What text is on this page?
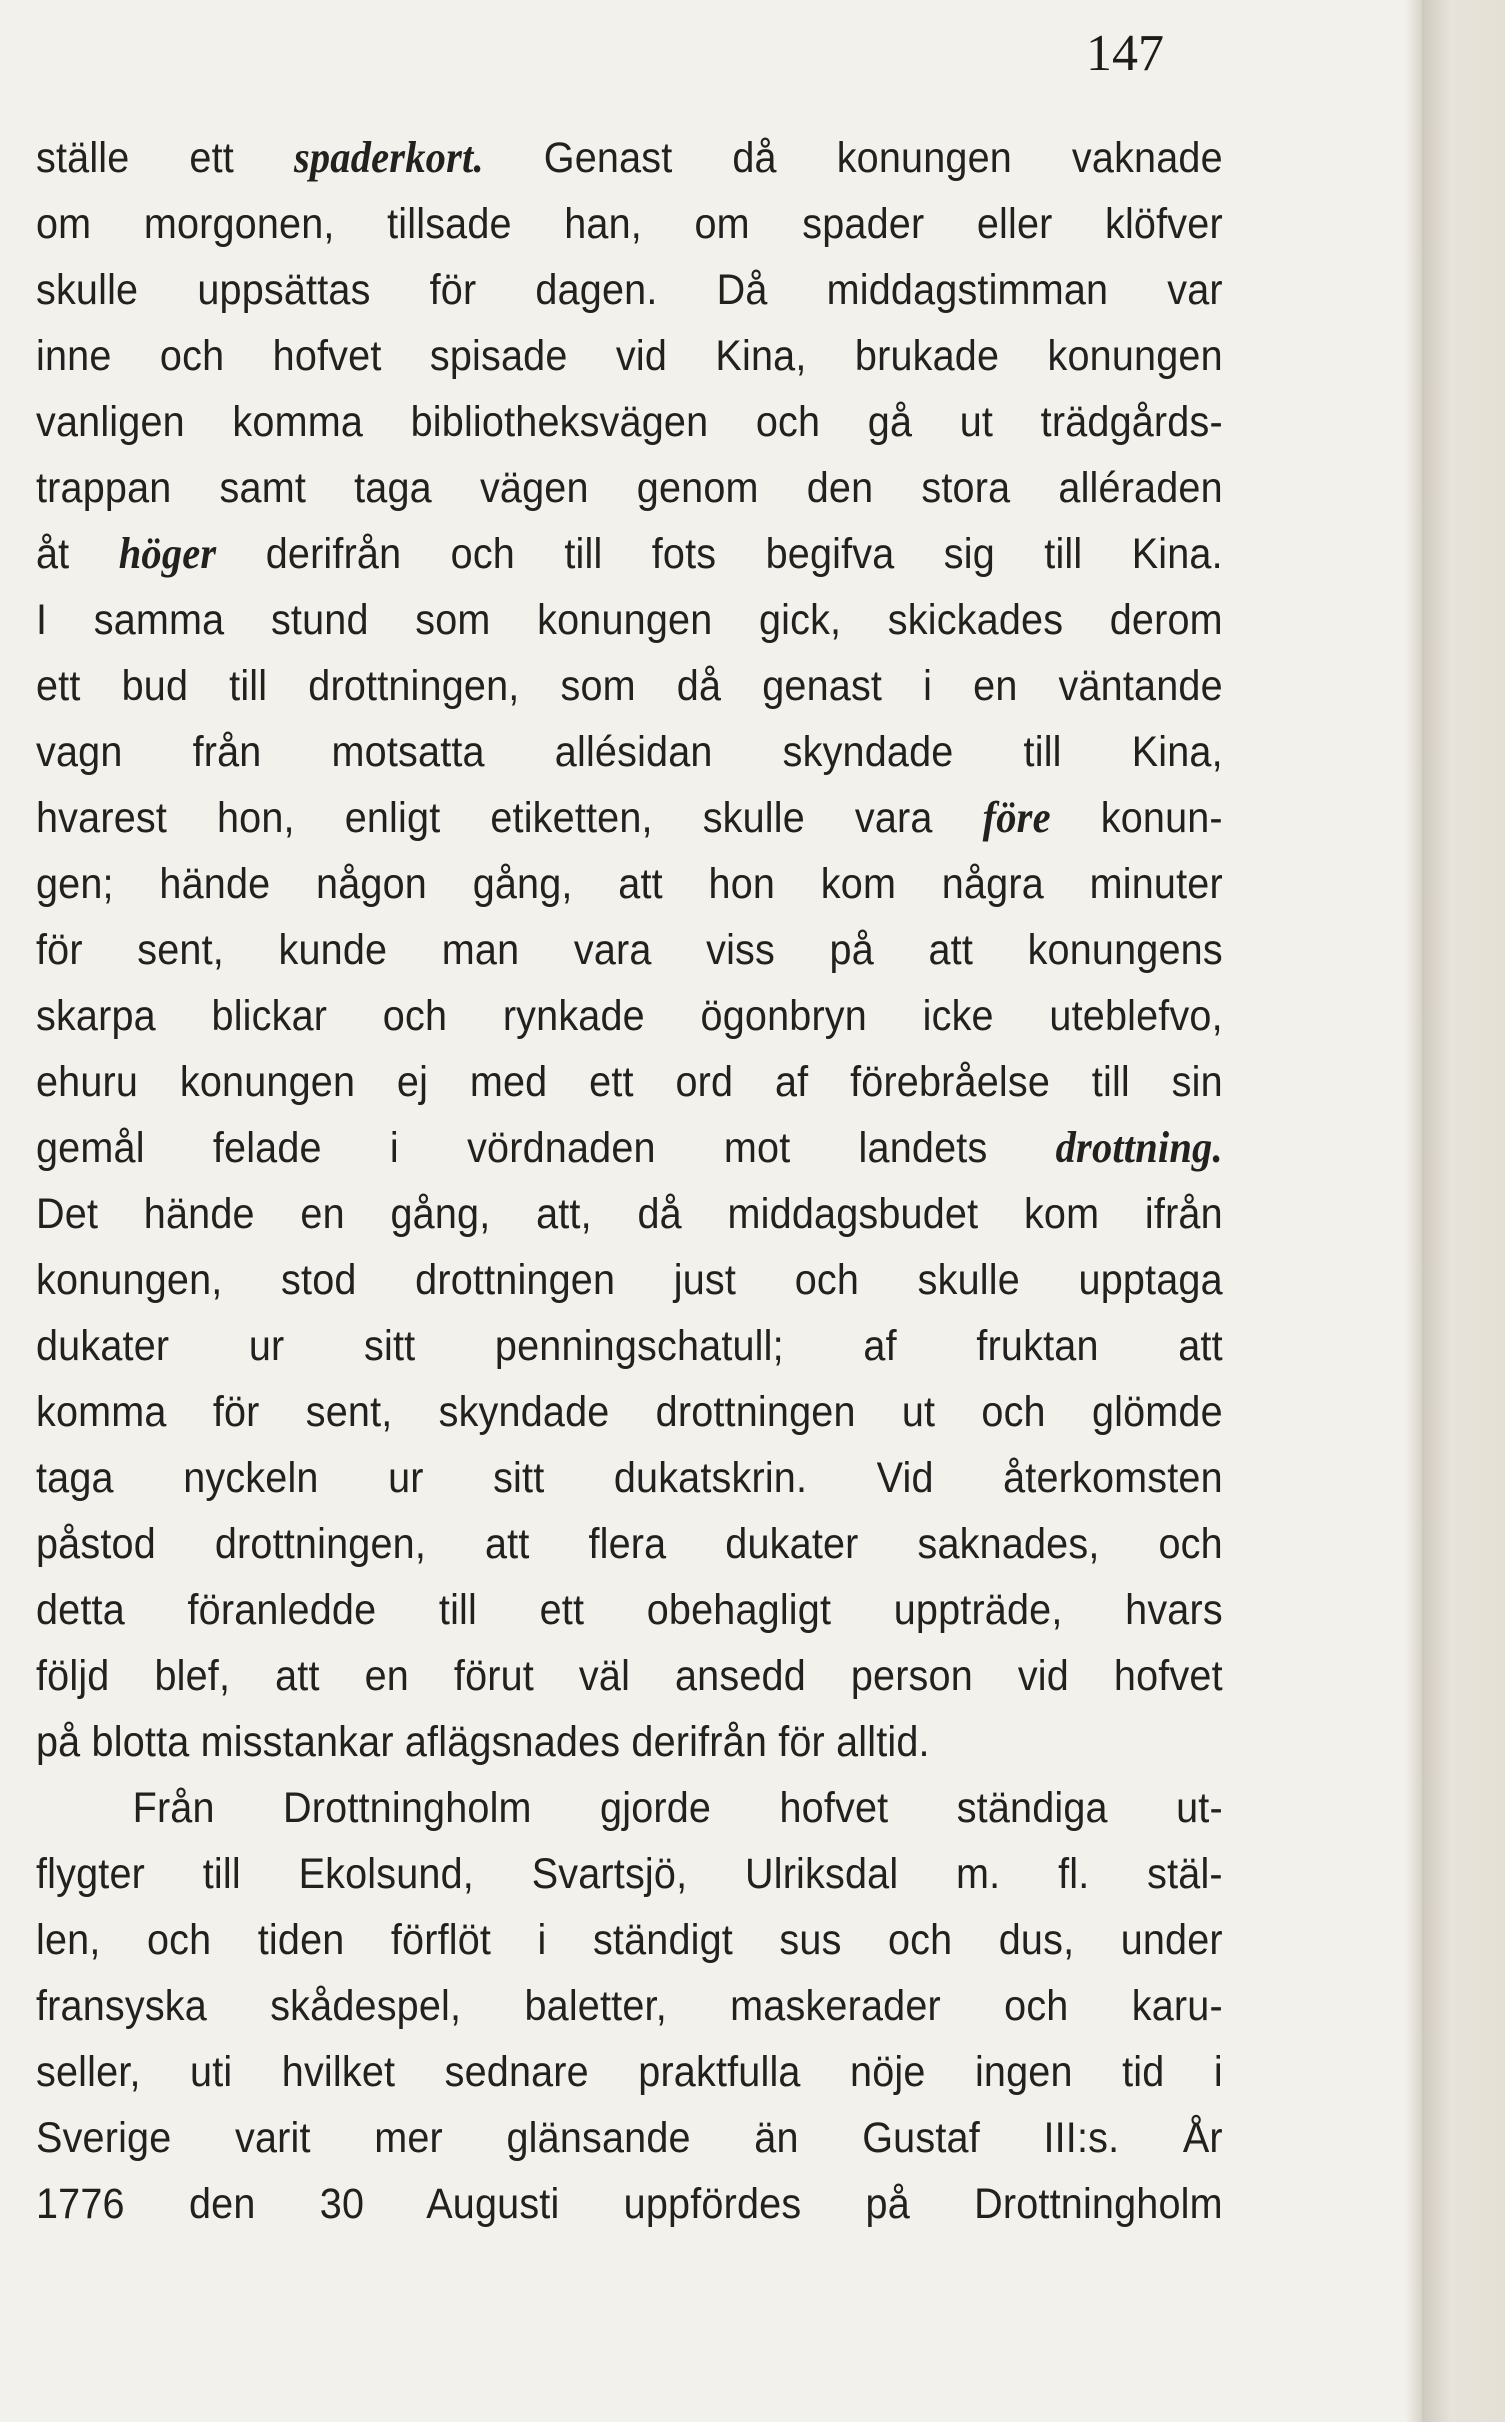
147
ställe ett spaderkort. Genast då konungen vaknade
om morgonen, tillsade han, om spader eller klöfver
skulle uppsättas för dagen. Då middagstimman var
inne och hofvet spisade vid Kina, brukade konungen
vanligen komma bibliotheksvägen och gå ut trädgårds-
trappan samt taga vägen genom den stora alléraden
åt höger derifrån och till fots begifva sig till Kina.
I samma stund som konungen gick, skickades derom
ett bud till drottningen, som då genast i en väntande
vagn från motsatta allésidan skyndade till Kina,
hvarest hon, enligt etiketten, skulle vara före konun-
gen; hände någon gång, att hon kom några minuter
för sent, kunde man vara viss på att konungens
skarpa blickar och rynkade ögonbryn icke uteblefvo,
ehuru konungen ej med ett ord af förebråelse till sin
gemål felade i vördnaden mot landets drottning.
Det hände en gång, att, då middagsbudet kom ifrån
konungen, stod drottningen just och skulle upptaga
dukater ur sitt penningschatull; af fruktan att
komma för sent, skyndade drottningen ut och glömde
taga nyckeln ur sitt dukatskrin. Vid återkomsten
påstod drottningen, att flera dukater saknades, och
detta föranledde till ett obehagligt uppträde, hvars
följd blef, att en förut väl ansedd person vid hofvet
på blotta misstankar aflägsnades derifrån för alltid.
Från Drottningholm gjorde hofvet ständiga ut-
flygter till Ekolsund, Svartsjö, Ulriksdal m. fl. stäl-
len, och tiden förflöt i ständigt sus och dus, under
fransyska skådespel, baletter, maskerader och karu-
seller, uti hvilket sednare praktfulla nöje ingen tid i
Sverige varit mer glänsande än Gustaf III:s. År
1776 den 30 Augusti uppfördes på Drottningholm
